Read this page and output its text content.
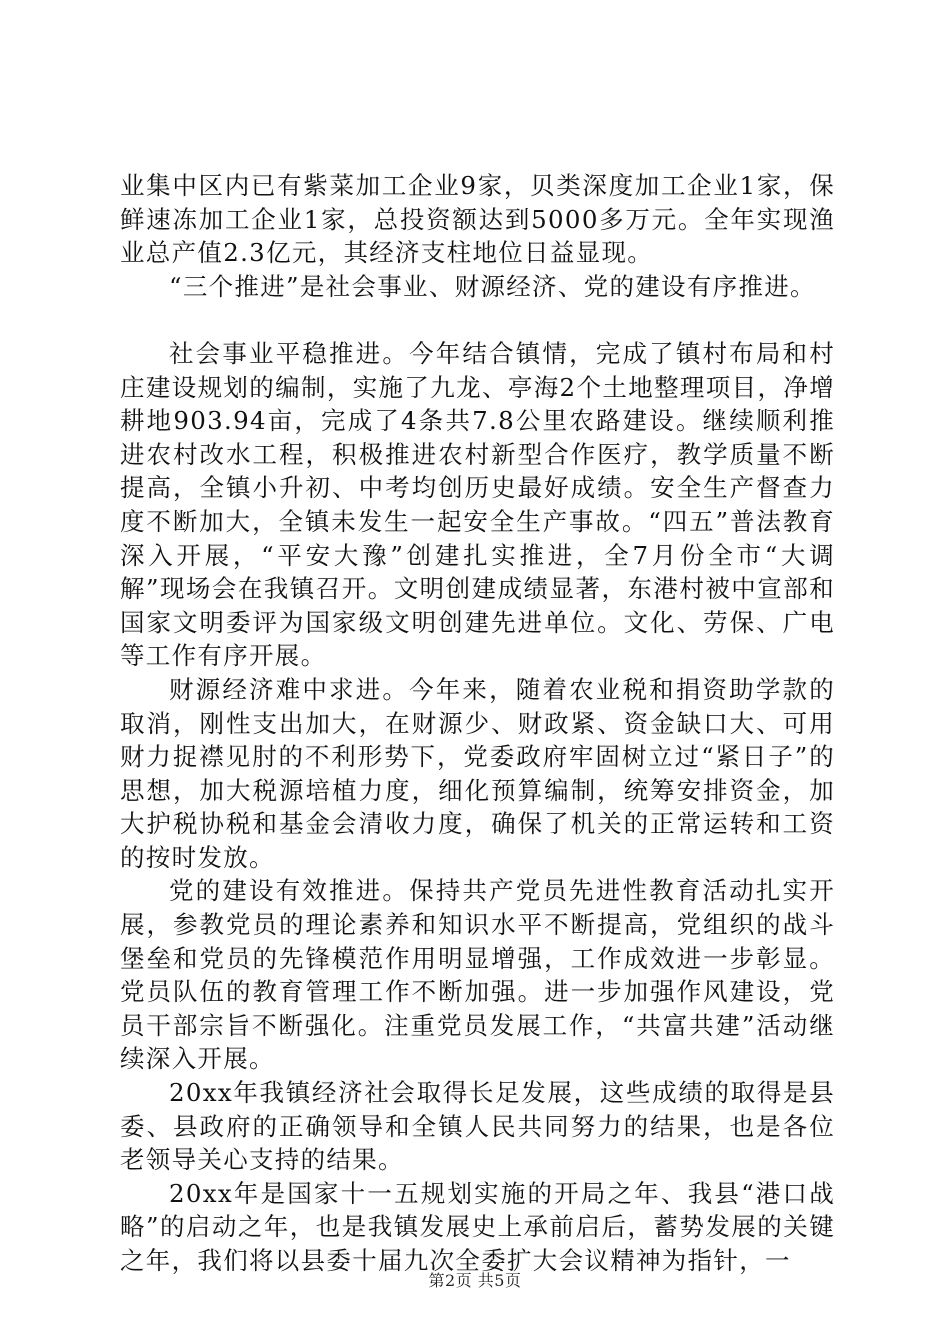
业集中区内已有紫菜加工企业9家，贝类深度加工企业1家，保鲜速冻加工企业1家，总投资额达到5000多万元。全年实现渔业总产值2.3亿元，其经济支柱地位日益显现。

“三个推进”是社会事业、财源经济、党的建设有序推进。

社会事业平稳推进。今年结合镇情，完成了镇村布局和村庄建设规划的编制，实施了九龙、亭海2个土地整理项目，净增耕地903.94亩，完成了4条共7.8公里农路建设。继续顺利推进农村改水工程，积极推进农村新型合作医疗，教学质量不断提高，全镇小升初、中考均创历史最好成绩。安全生产督查力度不断加大，全镇未发生一起安全生产事故。“四五”普法教育深入开展，“平安大豫”创建扎实推进，全7月份全市“大调解”现场会在我镇召开。文明创建成绩显著，东港村被中宣部和国家文明委评为国家级文明创建先进单位。文化、劳保、广电等工作有序开展。

财源经济难中求进。今年来，随着农业税和捐资助学款的取消，刚性支出加大，在财源少、财政紧、资金缺口大、可用财力捉襟见肘的不利形势下，党委政府牢固树立过“紧日子”的思想，加大税源培植力度，细化预算编制，统筹安排资金，加大护税协税和基金会清收力度，确保了机关的正常运转和工资的按时发放。

党的建设有效推进。保持共产党员先进性教育活动扎实开展，参教党员的理论素养和知识水平不断提高，党组织的战斗堡垒和党员的先锋模范作用明显增强，工作成效进一步彰显。党员队伍的教育管理工作不断加强。进一步加强作风建设，党员干部宗旨不断强化。注重党员发展工作，“共富共建”活动继续深入开展。

20xx年我镇经济社会取得长足发展，这些成绩的取得是县委、县政府的正确领导和全镇人民共同努力的结果，也是各位老领导关心支持的结果。

20xx年是国家十一五规划实施的开局之年、我县“港口战略”的启动之年，也是我镇发展史上承前启后，蓄势发展的关键之年，我们将以县委十届九次全委扩大会议精神为指针，一

第2页 共5页
